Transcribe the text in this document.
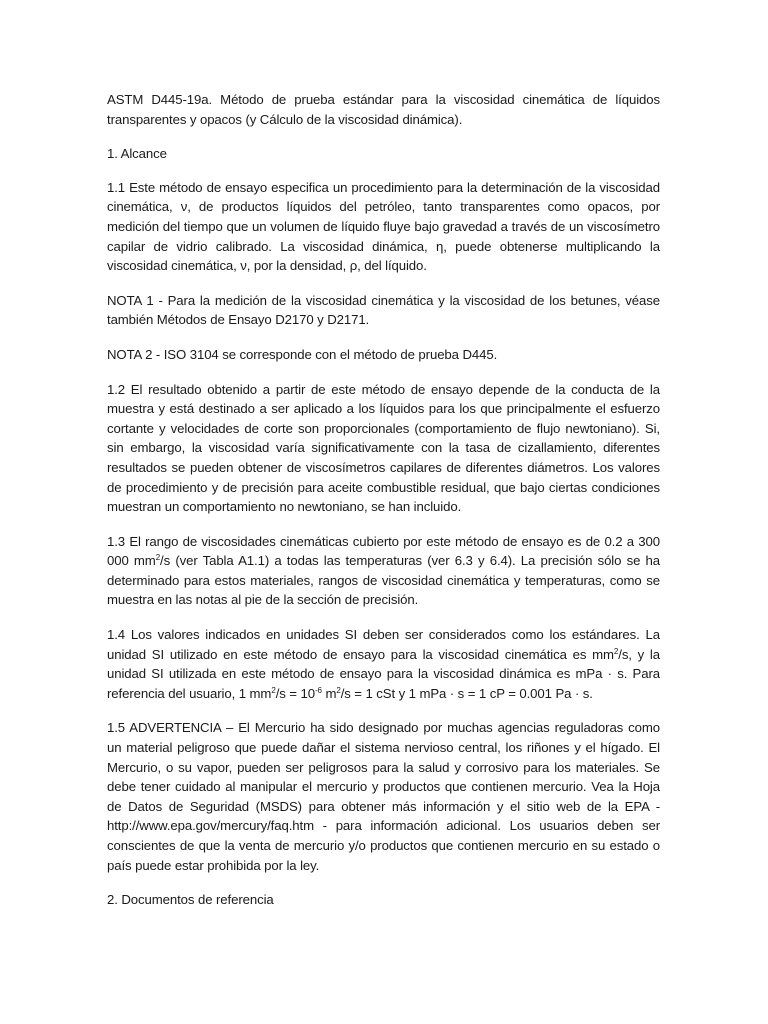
ASTM D445-19a. Método de prueba estándar para la viscosidad cinemática de líquidos transparentes y opacos (y Cálculo de la viscosidad dinámica).

1. Alcance

1.1 Este método de ensayo especifica un procedimiento para la determinación de la viscosidad cinemática, ν, de productos líquidos del petróleo, tanto transparentes como opacos, por medición del tiempo que un volumen de líquido fluye bajo gravedad a través de un viscosímetro capilar de vidrio calibrado. La viscosidad dinámica, η, puede obtenerse multiplicando la viscosidad cinemática, ν, por la densidad, ρ, del líquido.

NOTA 1 - Para la medición de la viscosidad cinemática y la viscosidad de los betunes, véase también Métodos de Ensayo D2170 y D2171.

NOTA 2 - ISO 3104 se corresponde con el método de prueba D445.

1.2 El resultado obtenido a partir de este método de ensayo depende de la conducta de la muestra y está destinado a ser aplicado a los líquidos para los que principalmente el esfuerzo cortante y velocidades de corte son proporcionales (comportamiento de flujo newtoniano). Si, sin embargo, la viscosidad varía significativamente con la tasa de cizallamiento, diferentes resultados se pueden obtener de viscosímetros capilares de diferentes diámetros. Los valores de procedimiento y de precisión para aceite combustible residual, que bajo ciertas condiciones muestran un comportamiento no newtoniano, se han incluido.

1.3 El rango de viscosidades cinemáticas cubierto por este método de ensayo es de 0.2 a 300 000 $mm^2/s$ (ver Tabla A1.1) a todas las temperaturas (ver 6.3 y 6.4). La precisión sólo se ha determinado para estos materiales, rangos de viscosidad cinemática y temperaturas, como se muestra en las notas al pie de la sección de precisión.

1.4 Los valores indicados en unidades SI deben ser considerados como los estándares. La unidad SI utilizado en este método de ensayo para la viscosidad cinemática es $mm^2/s$, y la unidad SI utilizada en este método de ensayo para la viscosidad dinámica es mPa · s. Para referencia del usuario, 1 $mm^2/s = 10^{-6}$ $m^2/s = 1$ cSt y 1 mPa · s = 1 cP = 0.001 Pa · s.

1.5 ADVERTENCIA – El Mercurio ha sido designado por muchas agencias reguladoras como un material peligroso que puede dañar el sistema nervioso central, los riñones y el hígado. El Mercurio, o su vapor, pueden ser peligrosos para la salud y corrosivo para los materiales. Se debe tener cuidado al manipular el mercurio y productos que contienen mercurio. Vea la Hoja de Datos de Seguridad (MSDS) para obtener más información y el sitio web de la EPA - http://www.epa.gov/mercury/faq.htm - para información adicional. Los usuarios deben ser conscientes de que la venta de mercurio y/o productos que contienen mercurio en su estado o país puede estar prohibida por la ley.

2. Documentos de referencia
